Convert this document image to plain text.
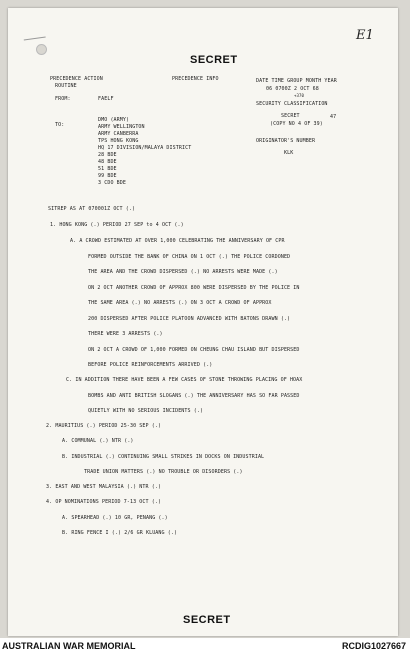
E1
SECRET
PRECEDENCE ACTION
ROUTINE
PRECEDENCE INFO	DATE TIME GROUP MONTH YEAR
06 0700Z 2 OCT 68
+370
SECURITY CLASSIFICATION
SECRET	47
(COPY NO 4 OF 39)
ORIGINATOR'S NUMBER
KLK
FROM:	FAELF
TO:
DMO (ARMY)
ARMY WELLINGTON
ARMY CANBERRA
TPS HONG KONG
HQ 17 DIVISION/MALAYA DISTRICT
28 BDE
48 BDE
51 BDE
99 BDE
3 CDO BDE
SITREP AS AT 070001Z OCT (.)
1. HONG KONG (.) PERIOD 27 SEP to 4 OCT (.)
A. A CROWD ESTIMATED AT OVER 1,000 CELEBRATING THE ANNIVERSARY OF CPR
FORMED OUTSIDE THE BANK OF CHINA ON 1 OCT (.) THE POLICE CORDONED
THE AREA AND THE CROWD DISPERSED (.) NO ARRESTS WERE MADE (.)
ON 2 OCT ANOTHER CROWD OF APPROX 800 WERE DISPERSED BY THE POLICE IN
THE SAME AREA (.) NO ARRESTS (.) ON 3 OCT A CROWD OF APPROX
200 DISPERSED AFTER POLICE PLATOON ADVANCED WITH BATONS DRAWN (.)
THERE WERE 3 ARRESTS (.)
ON 2 OCT A CROWD OF 1,000 FORMED ON CHEUNG CHAU ISLAND BUT DISPERSED
BEFORE POLICE REINFORCEMENTS ARRIVED (.)
C. IN ADDITION THERE HAVE BEEN A FEW CASES OF STONE THROWING PLACING OF HOAX
BOMBS AND ANTI BRITISH SLOGANS (.) THE ANNIVERSARY HAS SO FAR PASSED
QUIETLY WITH NO SERIOUS INCIDENTS (.)
2. MAURITIUS (.) PERIOD 25-30 SEP (.)
A. COMMUNAL (.) NTR (.)
B. INDUSTRIAL (.) CONTINUING SMALL STRIKES IN DOCKS ON INDUSTRIAL
TRADE UNION MATTERS (.) NO TROUBLE OR DISORDERS (.)
3. EAST AND WEST MALAYSIA (.) NTR (.)
4. OP NOMINATIONS PERIOD 7-13 OCT (.)
A. SPEARHEAD (.) 10 GR, PENANG (.)
B. RING FENCE I (.) 2/6 GR KLUANG (.)
SECRET
AUSTRALIAN WAR MEMORIAL	RCDIG1027667
